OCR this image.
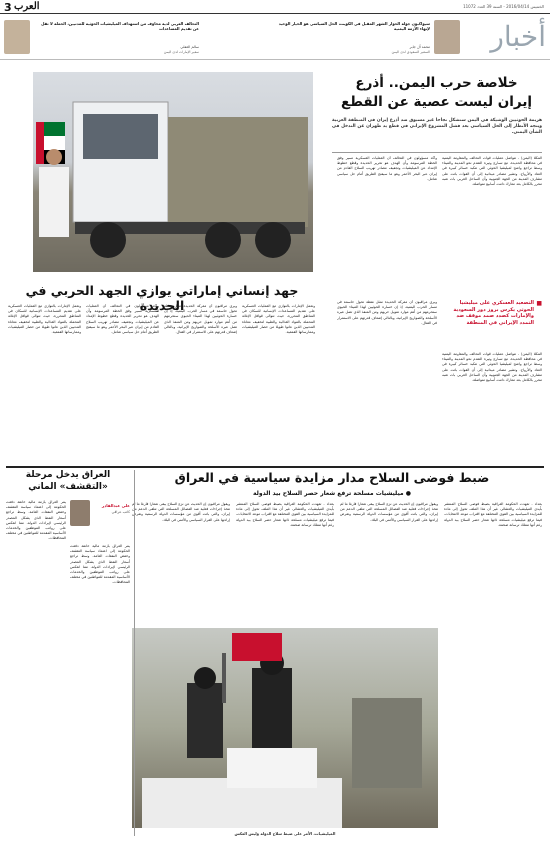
3 العرب	الخميس 2016/04/14 - السنة 39 العدد 11072
أخبار
سيواكبون جولة الحوار الشهر المقبل في الكويت، الحل السياسي هو الخيار الوحيد لإنهاء الأزمة اليمنية
محمد آل جابر
السفير السعودي لدى اليمن
التحالف العربي لديه مخاوف من استهداف الميليشيات الحوثية للمدنيين، الحملة لا تقل عن تقديم المساعدات
سالم الغفلي
سفير الإمارات لدى اليمن
جهد إنساني إماراتي يوازي الجهد الحربي في الحديدة
خلاصة حرب اليمن.. أذرع
إيران ليست عصية عن القطع
هزيمة الحوثيين الوشيكة في اليمن ستشكل نجاحا غير مسبوق ضد أذرع إيران في المنطقة العربية ويتجه الأنظار إلى الحل السياسي بعد فشل المشروع الإيراني في قطع يد طهران عن التدخل في الشأن اليمني.
المكلا (اليمن) - تتواصل عمليات قوات التحالف والمقاومة اليمنية في محافظة الحديدة، مع تسارع وتيرة التقدم نحو المدينة والميناء وسط تراجع واضح لميليشيا الحوثي التي تتكبد خسائر كبيرة في العتاد والأرواح. وتشير مصادر ميدانية إلى أن القوات باتت على مشارف المدينة من الجهة الجنوبية وأن الساحل الغربي بات شبه محرر بالكامل بعد معارك دامت أسابيع متواصلة.
وأكد مسؤولون في التحالف أن العمليات العسكرية تسير وفق الخطة المرسومة وأن الهدف هو تحرير الحديدة وقطع خطوط الإمداد عن الميليشيات وتجفيف مصادر تهريب السلاح القادم من إيران عبر البحر الأحمر وهو ما سيفتح الطريق أمام حل سياسي شامل.
■
التصعيد العسكري على ميليشيا الحوثي يكرس بروز دور السعودية والإمارات كصدد صمد موقف ضد التمدد الإيراني في المنطقة
ويرى مراقبون أن معركة الحديدة تمثل نقطة تحول حاسمة في مسار الحرب اليمنية، إذ إن خسارة الحوثيين لهذا الميناء الحيوي ستحرمهم من أهم موارد تمويل حربهم ومن المنفذ الذي تصل عبره الأسلحة والصواريخ الإيرانية، وبالتالي إضعاف قدرتهم على الاستمرار في القتال.
المكلا (اليمن) - تتواصل عمليات قوات التحالف والمقاومة اليمنية في محافظة الحديدة، مع تسارع وتيرة التقدم نحو المدينة والميناء وسط تراجع واضح لميليشيا الحوثي التي تتكبد خسائر كبيرة في العتاد والأرواح. وتشير مصادر ميدانية إلى أن القوات باتت على مشارف المدينة من الجهة الجنوبية وأن الساحل الغربي بات شبه محرر بالكامل بعد معارك دامت أسابيع متواصلة.
وتعمل الإمارات بالتوازي مع العمليات العسكرية على تقديم المساعدات الإنسانية للسكان في المناطق المحررة، حيث تتوالى قوافل الإغاثة المحملة بالمواد الغذائية والطبية لتخفيف معاناة المدنيين الذين عانوا طويلا من حصار الميليشيات وممارساتها القمعية.
وأكد مسؤولون في التحالف أن العمليات العسكرية تسير وفق الخطة المرسومة وأن الهدف هو تحرير الحديدة وقطع خطوط الإمداد عن الميليشيات وتجفيف مصادر تهريب السلاح القادم من إيران عبر البحر الأحمر وهو ما سيفتح الطريق أمام حل سياسي شامل.
ويرى مراقبون أن معركة الحديدة تمثل نقطة تحول حاسمة في مسار الحرب اليمنية، إذ إن خسارة الحوثيين لهذا الميناء الحيوي ستحرمهم من أهم موارد تمويل حربهم ومن المنفذ الذي تصل عبره الأسلحة والصواريخ الإيرانية، وبالتالي إضعاف قدرتهم على الاستمرار في القتال.
وتعمل الإمارات بالتوازي مع العمليات العسكرية على تقديم المساعدات الإنسانية للسكان في المناطق المحررة، حيث تتوالى قوافل الإغاثة المحملة بالمواد الغذائية والطبية لتخفيف معاناة المدنيين الذين عانوا طويلا من حصار الميليشيات وممارساتها القمعية.
ضبط فوضى السلاح مدار مزايدة سياسية في العراق
● ميليشيات مسلحة ترفع شعار حصر السلاح بيد الدولة
بغداد - تعهدت الحكومة العراقية بضبط فوضى السلاح المنتشر بأيدي الميليشيات والعشائر، غير أن هذا الملف تحول إلى مادة للمزايدة السياسية بين القوى المختلفة مع اقتراب موعد الانتخابات، فيما ترفع ميليشيات مسلحة ذاتها شعار حصر السلاح بيد الدولة رغم أنها تمتلك ترسانة ضخمة.
ويقول مراقبون إن الحديث عن نزع السلاح يبقى شعارا فارغا ما لم تتخذ إجراءات فعلية ضد الفصائل المسلحة التي تتلقى الدعم من إيران، والتي باتت أقوى من مؤسسات الدولة الرسمية وتفرض إرادتها على القرار السياسي والأمني في البلاد.
بغداد - تعهدت الحكومة العراقية بضبط فوضى السلاح المنتشر بأيدي الميليشيات والعشائر، غير أن هذا الملف تحول إلى مادة للمزايدة السياسية بين القوى المختلفة مع اقتراب موعد الانتخابات، فيما ترفع ميليشيات مسلحة ذاتها شعار حصر السلاح بيد الدولة رغم أنها تمتلك ترسانة ضخمة.
ويقول مراقبون إن الحديث عن نزع السلاح يبقى شعارا فارغا ما لم تتخذ إجراءات فعلية ضد الفصائل المسلحة التي تتلقى الدعم من إيران، والتي باتت أقوى من مؤسسات الدولة الرسمية وتفرض إرادتها على القرار السياسي والأمني في البلاد.
الميليشيات، الأمر على ضبط سلاح الدولة وليس العكس
العراق يدخل مرحلة
«التقشف» الماني
علي عبدالقادر
كاتب عراقي
يمر العراق بأزمة مالية خانقة دفعت الحكومة إلى اعتماد سياسة التقشف وخفض النفقات العامة، وسط تراجع أسعار النفط الذي يشكل المصدر الرئيسي لإيرادات الدولة، مما انعكس على رواتب الموظفين والخدمات الأساسية المقدمة للمواطنين في مختلف المحافظات.
يمر العراق بأزمة مالية خانقة دفعت الحكومة إلى اعتماد سياسة التقشف وخفض النفقات العامة، وسط تراجع أسعار النفط الذي يشكل المصدر الرئيسي لإيرادات الدولة، مما انعكس على رواتب الموظفين والخدمات الأساسية المقدمة للمواطنين في مختلف المحافظات.
